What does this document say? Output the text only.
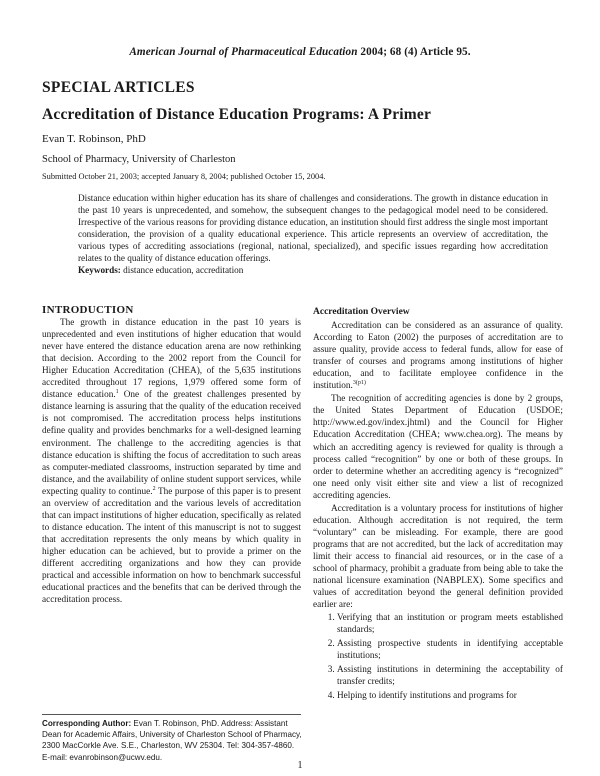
American Journal of Pharmaceutical Education 2004; 68 (4) Article 95.
SPECIAL ARTICLES
Accreditation of Distance Education Programs: A Primer
Evan T. Robinson, PhD
School of Pharmacy, University of Charleston
Submitted October 21, 2003; accepted January 8, 2004; published October 15, 2004.

Distance education within higher education has its share of challenges and considerations. The growth in distance education in the past 10 years is unprecedented, and somehow, the subsequent changes to the pedagogical model need to be considered. Irrespective of the various reasons for providing distance education, an institution should first address the single most important consideration, the provision of a quality educational experience. This article represents an overview of accreditation, the various types of accrediting associations (regional, national, specialized), and specific issues regarding how accreditation relates to the quality of distance education offerings.

Keywords: distance education, accreditation

INTRODUCTION

The growth in distance education in the past 10 years is unprecedented and even institutions of higher education that would never have entered the distance education arena are now rethinking that decision. According to the 2002 report from the Council for Higher Education Accreditation (CHEA), of the 5,635 institutions accredited throughout 17 regions, 1,979 offered some form of distance education.$^1$ One of the greatest challenges presented by distance learning is assuring that the quality of the education received is not compromised. The accreditation process helps institutions define quality and provides benchmarks for a well-designed learning environment. The challenge to the accrediting agencies is that distance education is shifting the focus of accreditation to such areas as computer-mediated classrooms, instruction separated by time and distance, and the availability of online student support services, while expecting quality to continue.$^2$ The purpose of this paper is to present an overview of accreditation and the various levels of accreditation that can impact institutions of higher education, specifically as related to distance education. The intent of this manuscript is not to suggest that accreditation represents the only means by which quality in higher education can be achieved, but to provide a primer on the different accrediting organizations and how they can provide practical and accessible information on how to benchmark successful educational practices and the benefits that can be derived through the accreditation process.

Accreditation Overview

Accreditation can be considered as an assurance of quality. According to Eaton (2002) the purposes of accreditation are to assure quality, provide access to federal funds, allow for ease of transfer of courses and programs among institutions of higher education, and to facilitate employee confidence in the institution.$^{3(p1)}$

The recognition of accrediting agencies is done by 2 groups, the United States Department of Education (USDOE; http://www.ed.gov/index.jhtml) and the Council for Higher Education Accreditation (CHEA; www.chea.org). The means by which an accrediting agency is reviewed for quality is through a process called “recognition” by one or both of these groups. In order to determine whether an accrediting agency is “recognized” one need only visit either site and view a list of recognized accrediting agencies.

Accreditation is a voluntary process for institutions of higher education. Although accreditation is not required, the term “voluntary” can be misleading. For example, there are good programs that are not accredited, but the lack of accreditation may limit their access to financial aid resources, or in the case of a school of pharmacy, prohibit a graduate from being able to take the national licensure examination (NABPLEX). Some specifics and values of accreditation beyond the general definition provided earlier are:

1. Verifying that an institution or program meets established standards;
2. Assisting prospective students in identifying acceptable institutions;
3. Assisting institutions in determining the acceptability of transfer credits;
4. Helping to identify institutions and programs for
Corresponding Author: Evan T. Robinson, PhD. Address: Assistant Dean for Academic Affairs, University of Charleston School of Pharmacy, 2300 MacCorkle Ave. S.E., Charleston, WV 25304. Tel: 304-357-4860. E-mail: evanrobinson@ucwv.edu.
1
